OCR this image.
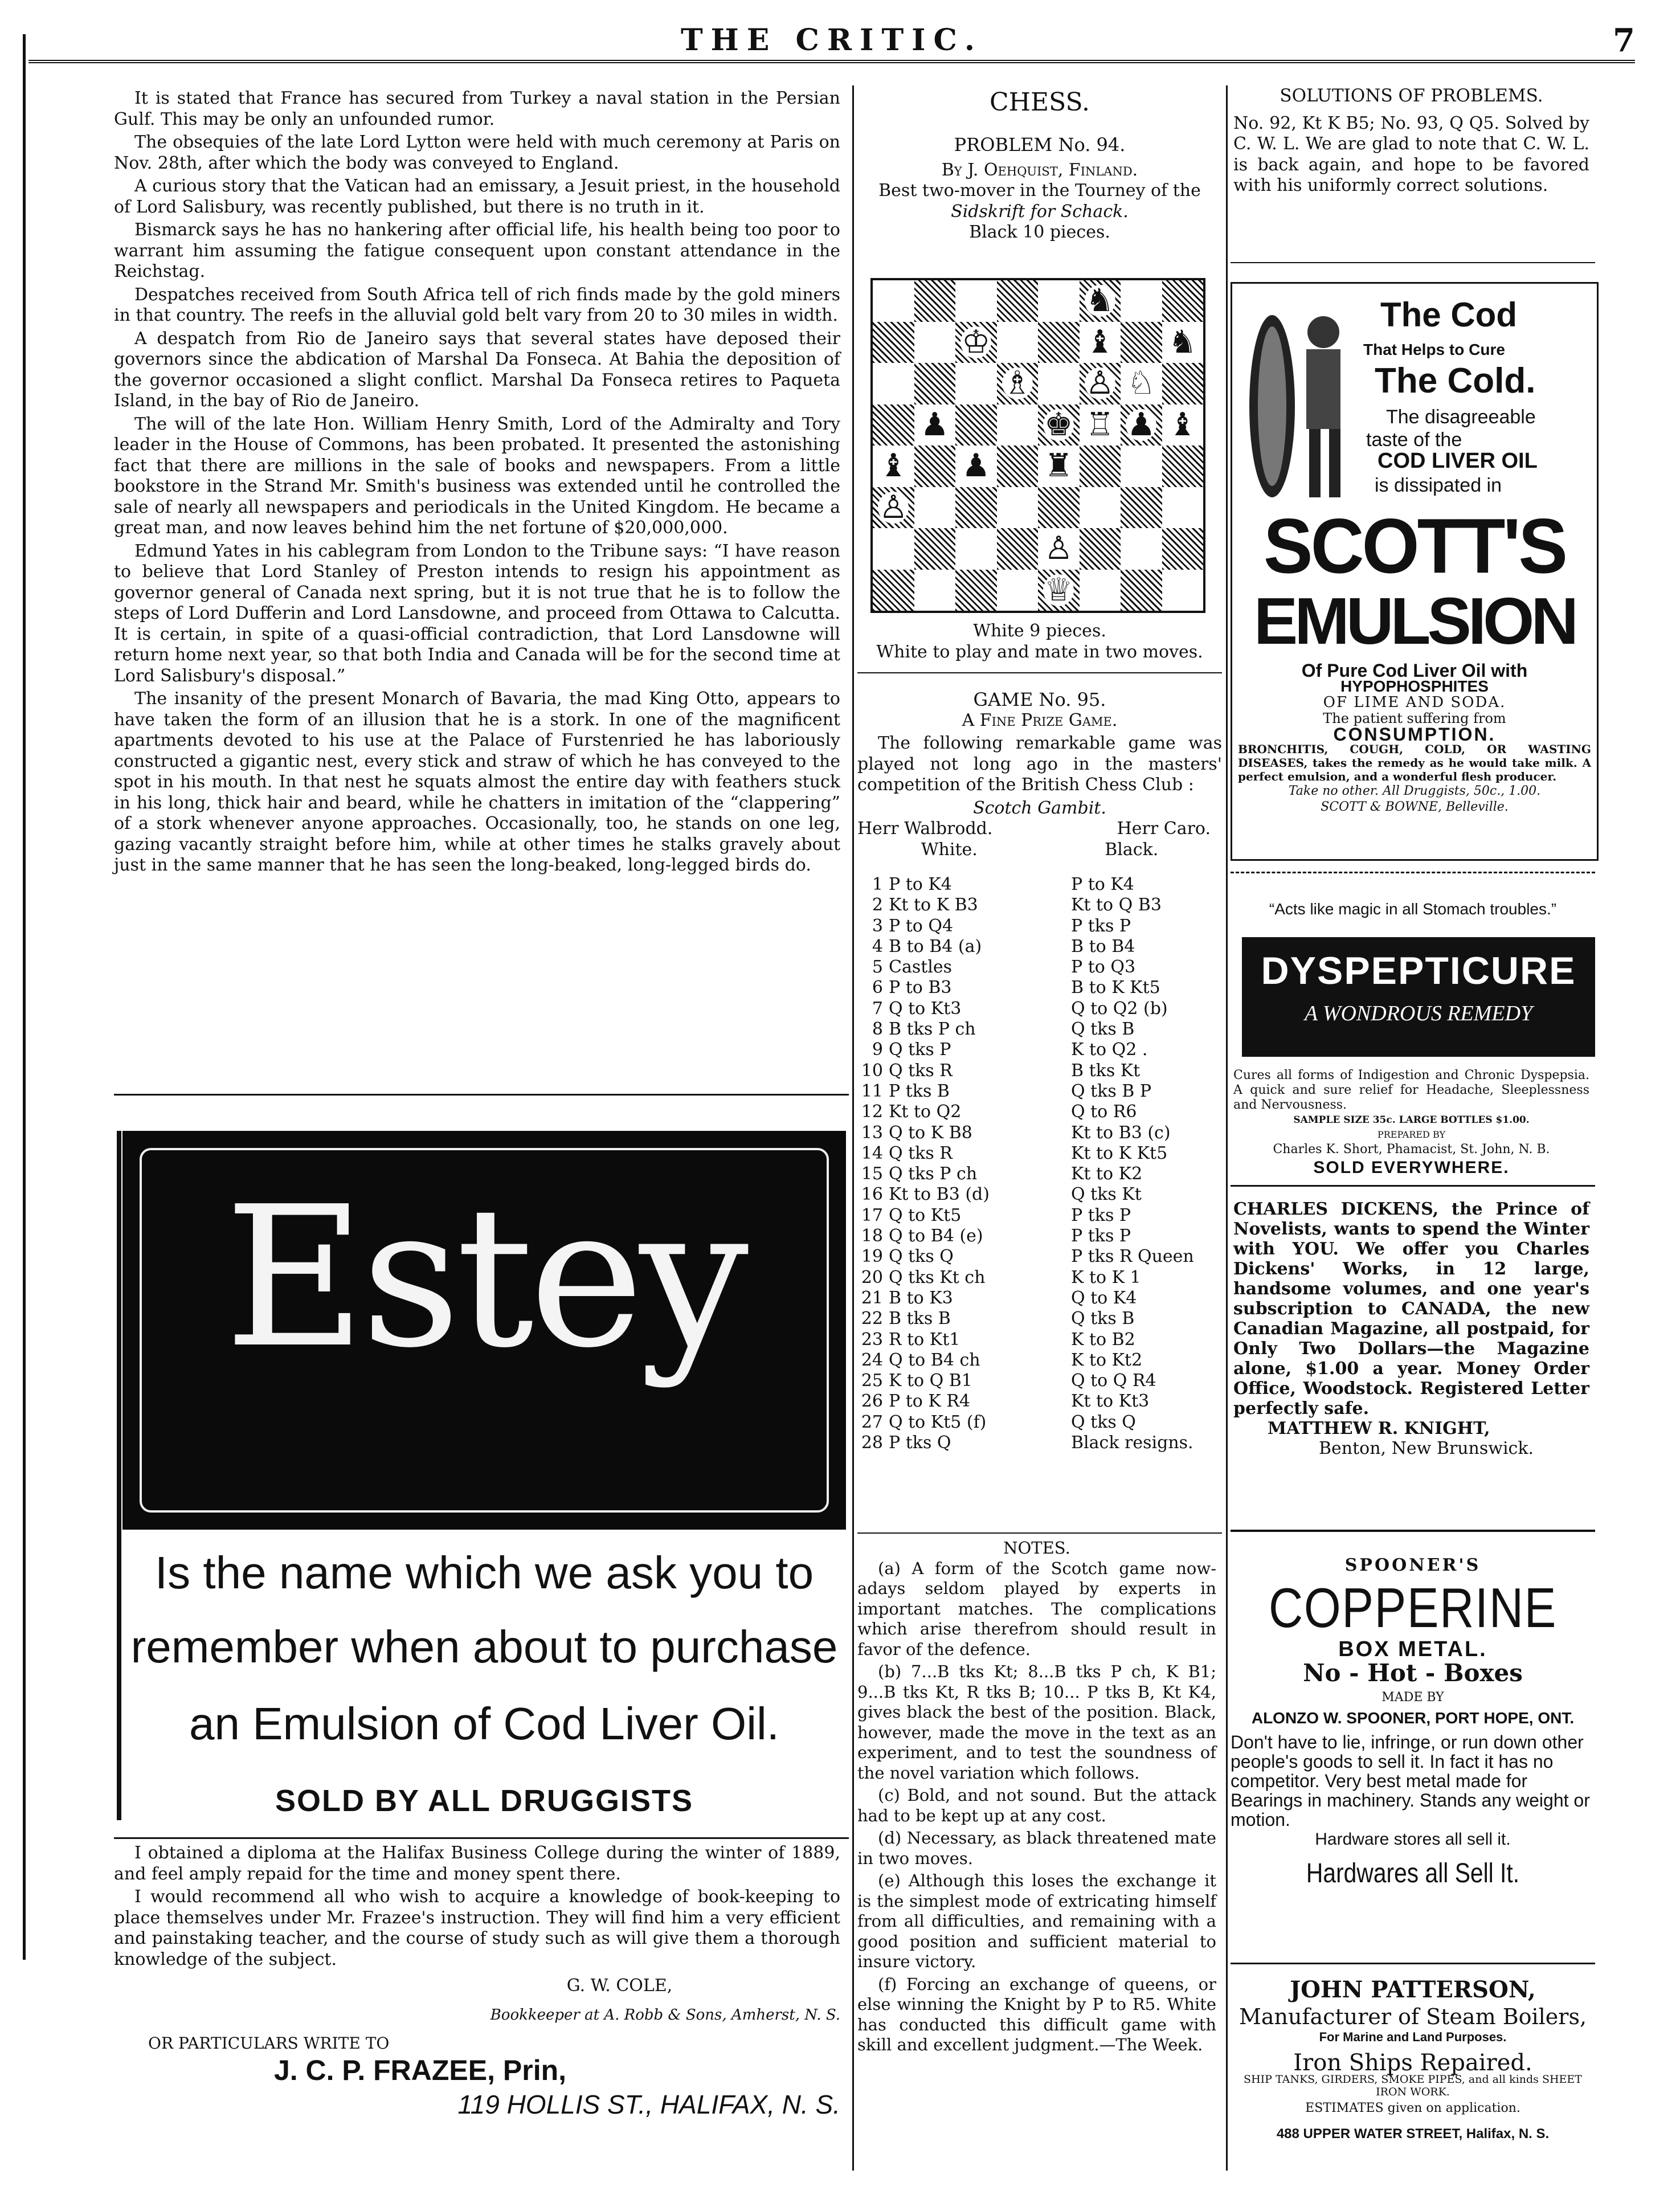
THE CRITIC.	7

It is stated that France has secured from Turkey a naval station in the Persian Gulf. This may be only an unfounded rumor.

The obsequies of the late Lord Lytton were held with much ceremony at Paris on Nov. 28th, after which the body was conveyed to England.

A curious story that the Vatican had an emissary, a Jesuit priest, in the household of Lord Salisbury, was recently published, but there is no truth in it.

Bismarck says he has no hankering after official life, his health being too poor to warrant him assuming the fatigue consequent upon constant attendance in the Reichstag.

Despatches received from South Africa tell of rich finds made by the gold miners in that country. The reefs in the alluvial gold belt vary from 20 to 30 miles in width.

A despatch from Rio de Janeiro says that several states have deposed their governors since the abdication of Marshal Da Fonseca. At Bahia the deposition of the governor occasioned a slight conflict. Marshal Da Fonseca retires to Paqueta Island, in the bay of Rio de Janeiro.

The will of the late Hon. William Henry Smith, Lord of the Admiralty and Tory leader in the House of Commons, has been probated. It presented the astonishing fact that there are millions in the sale of books and newspapers. From a little bookstore in the Strand Mr. Smith's business was extended until he controlled the sale of nearly all newspapers and periodicals in the United Kingdom. He became a great man, and now leaves behind him the net fortune of $20,000,000.

Edmund Yates in his cablegram from London to the Tribune says: “I have reason to believe that Lord Stanley of Preston intends to resign his appointment as governor general of Canada next spring, but it is not true that he is to follow the steps of Lord Dufferin and Lord Lansdowne, and proceed from Ottawa to Calcutta. It is certain, in spite of a quasi-official contradiction, that Lord Lansdowne will return home next year, so that both India and Canada will be for the second time at Lord Salisbury's disposal.”

The insanity of the present Monarch of Bavaria, the mad King Otto, appears to have taken the form of an illusion that he is a stork. In one of the magnificent apartments devoted to his use at the Palace of Furstenried he has laboriously constructed a gigantic nest, every stick and straw of which he has conveyed to the spot in his mouth. In that nest he squats almost the entire day with feathers stuck in his long, thick hair and beard, while he chatters in imitation of the “clappering” of a stork whenever anyone approaches. Occasionally, too, he stands on one leg, gazing vacantly straight before him, while at other times he stalks gravely about just in the same manner that he has seen the long-beaked, long-legged birds do.

Estey
Is the name which we ask you to
remember when about to purchase
an Emulsion of Cod Liver Oil.
SOLD BY ALL DRUGGISTS

I obtained a diploma at the Halifax Business College during the winter of 1889, and feel amply repaid for the time and money spent there.

I would recommend all who wish to acquire a knowledge of book-keeping to place themselves under Mr. Frazee's instruction. They will find him a very efficient and painstaking teacher, and the course of study such as will give them a thorough knowledge of the subject.

G. W. COLE,
Bookkeeper at A. Robb & Sons, Amherst, N. S.
OR PARTICULARS WRITE TO
J. C. P. FRAZEE, Prin,
119 HOLLIS ST., HALIFAX, N. S.
CHESS.
PROBLEM No. 94.
By J. Oehquist, Finland.
Best two-mover in the Tourney of the
Sidskrift for Schack.
Black 10 pieces.
♞
♔	♝ ♞
♗ ♙ ♘
♟	♚ ♖ ♟ ♝
♝ ♟ ♜
♙
♙
♕
White 9 pieces.
White to play and mate in two moves.
GAME No. 95.
A Fine Prize Game.

The following remarkable game was played not long ago in the masters' competition of the British Chess Club :

Scotch Gambit.
Herr Walbrodd.	Herr Caro.
White.	Black.
1 P to K4	P to K4
2 Kt to K B3	Kt to Q B3
3 P to Q4	P tks P
4 B to B4 (a)	B to B4
5 Castles	P to Q3
6 P to B3	B to K Kt5
7 Q to Kt3	Q to Q2 (b)
8 B tks P ch	Q tks B
9 Q tks P	K to Q2 .
10 Q tks R	B tks Kt
11 P tks B	Q tks B P
12 Kt to Q2	Q to R6
13 Q to K B8	Kt to B3 (c)
14 Q tks R	Kt to K Kt5
15 Q tks P ch	Kt to K2
16 Kt to B3 (d)	Q tks Kt
17 Q to Kt5	P tks P
18 Q to B4 (e)	P tks P
19 Q tks Q	P tks R Queen
20 Q tks Kt ch	K to K 1
21 B to K3	Q to K4
22 B tks B	Q tks B
23 R to Kt1	K to B2
24 Q to B4 ch	K to Kt2
25 K to Q B1	Q to Q R4
26 P to K R4	Kt to Kt3
27 Q to Kt5 (f)	Q tks Q
28 P tks Q	Black resigns.
NOTES.

(a) A form of the Scotch game now-adays seldom played by experts in important matches. The complications which arise therefrom should result in favor of the defence.

(b) 7...B tks Kt; 8...B tks P ch, K B1; 9...B tks Kt, R tks B; 10... P tks B, Kt K4, gives black the best of the position. Black, however, made the move in the text as an experiment, and to test the soundness of the novel variation which follows.

(c) Bold, and not sound. But the attack had to be kept up at any cost.

(d) Necessary, as black threatened mate in two moves.

(e) Although this loses the exchange it is the simplest mode of extricating himself from all difficulties, and remaining with a good position and sufficient material to insure victory.

(f) Forcing an exchange of queens, or else winning the Knight by P to R5. White has conducted this difficult game with skill and excellent judgment.—The Week.

SOLUTIONS OF PROBLEMS.

No. 92, Kt K B5; No. 93, Q Q5. Solved by C. W. L. We are glad to note that C. W. L. is back again, and hope to be favored with his uniformly correct solutions.

The Cod
That Helps to Cure
The Cold.
The disagreeable
taste of the
COD LIVER OIL
is dissipated in
SCOTT'S
EMULSION
Of Pure Cod Liver Oil with
HYPOPHOSPHITES
OF LIME AND SODA.
The patient suffering from
CONSUMPTION.
BRONCHITIS, COUGH, COLD, OR WASTING DISEASES, takes the remedy as he would take milk. A perfect emulsion, and a wonderful flesh producer.
Take no other. All Druggists, 50c., 1.00.
SCOTT & BOWNE, Belleville.
“Acts like magic in all Stomach troubles.”
DYSPEPTICURE
A WONDROUS REMEDY
Cures all forms of Indigestion and Chronic Dyspepsia. A quick and sure relief for Headache, Sleeplessness and Nervousness.
SAMPLE SIZE 35c. LARGE BOTTLES $1.00.
PREPARED BY
Charles K. Short, Phamacist, St. John, N. B.
SOLD EVERYWHERE.
CHARLES DICKENS, the Prince of Novelists, wants to spend the Winter with YOU. We offer you Charles Dickens' Works, in 12 large, handsome volumes, and one year's subscription to CANADA, the new Canadian Magazine, all postpaid, for Only Two Dollars—the Magazine alone, $1.00 a year. Money Order Office, Woodstock. Registered Letter perfectly safe.
MATTHEW R. KNIGHT,
Benton, New Brunswick.
SPOONER'S
COPPERINE
BOX METAL.
No - Hot - Boxes
MADE BY
ALONZO W. SPOONER, PORT HOPE, ONT.
Don't have to lie, infringe, or run down other people's goods to sell it. In fact it has no competitor. Very best metal made for Bearings in machinery. Stands any weight or motion.
Hardware stores all sell it.
Hardwares all Sell It.
JOHN PATTERSON,
Manufacturer of Steam Boilers,
For Marine and Land Purposes.
Iron Ships Repaired.
SHIP TANKS, GIRDERS, SMOKE PIPES, and all kinds SHEET IRON WORK.
ESTIMATES given on application.
488 UPPER WATER STREET, Halifax, N. S.
